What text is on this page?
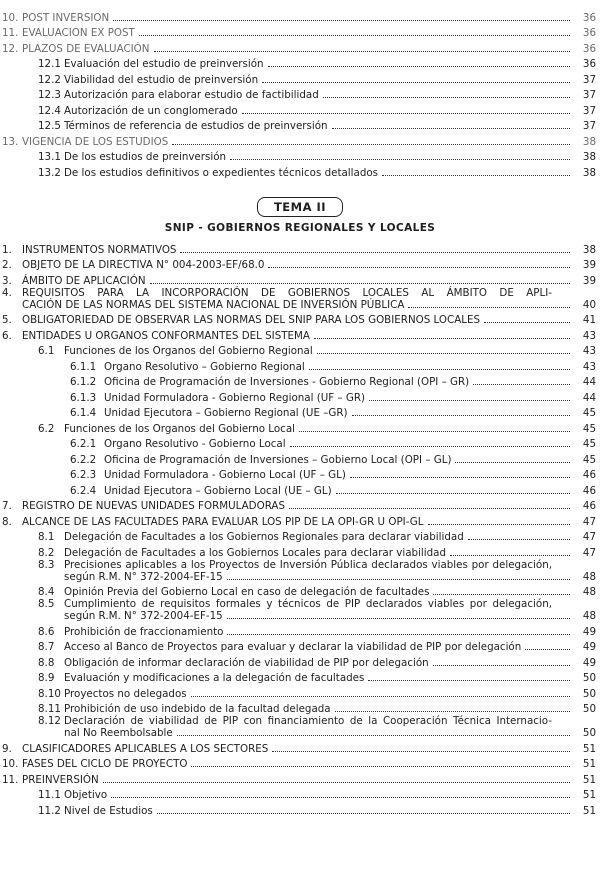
10. POST INVERSION	36
11. EVALUACION EX POST	36
12. PLAZOS DE EVALUACIÓN	36
12.1 Evaluación del estudio de preinversión	36
12.2 Viabilidad del estudio de preinversión	37
12.3 Autorización para elaborar estudio de factibilidad	37
12.4 Autorización de un conglomerado	37
12.5 Términos de referencia de estudios de preinversión	37
13. VIGENCIA DE LOS ESTUDIOS	38
13.1 De los estudios de preinversión	38
13.2 De los estudios definitivos o expedientes técnicos detallados	38
TEMA II
SNIP - GOBIERNOS REGIONALES Y LOCALES
1. INSTRUMENTOS NORMATIVOS	38
2. OBJETO DE LA DIRECTIVA N° 004-2003-EF/68.0	39
3. ÁMBITO DE APLICACIÓN	39
4. REQUISITOS PARA LA INCORPORACIÓN DE GOBIERNOS LOCALES AL ÁMBITO DE APLI-
CACIÓN DE LAS NORMAS DEL SISTEMA NACIONAL DE INVERSIÓN PÚBLICA	40
5. OBLIGATORIEDAD DE OBSERVAR LAS NORMAS DEL SNIP PARA LOS GOBIERNOS LOCALES	41
6. ENTIDADES U ORGANOS CONFORMANTES DEL SISTEMA	43
6.1 Funciones de los Organos del Gobierno Regional	43
6.1.1 Organo Resolutivo – Gobierno Regional	43
6.1.2 Oficina de Programación de Inversiones - Gobierno Regional (OPI – GR)	44
6.1.3 Unidad Formuladora - Gobierno Regional (UF – GR)	44
6.1.4 Unidad Ejecutora – Gobierno Regional (UE –GR)	45
6.2 Funciones de los Organos del Gobierno Local	45
6.2.1 Organo Resolutivo - Gobierno Local	45
6.2.2 Oficina de Programación de Inversiones – Gobierno Local (OPI – GL)	45
6.2.3 Unidad Formuladora - Gobierno Local (UF – GL)	46
6.2.4 Unidad Ejecutora – Gobierno Local (UE – GL)	46
7. REGISTRO DE NUEVAS UNIDADES FORMULADORAS	46
8. ALCANCE DE LAS FACULTADES PARA EVALUAR LOS PIP DE LA OPI-GR U OPI-GL	47
8.1 Delegación de Facultades a los Gobiernos Regionales para declarar viabilidad	47
8.2 Delegación de Facultades a los Gobiernos Locales para declarar viabilidad	47
8.3 Precisiones aplicables a los Proyectos de Inversión Pública declarados viables por delegación,
según R.M. N° 372-2004-EF-15	48
8.4 Opinión Previa del Gobierno Local en caso de delegación de facultades	48
8.5 Cumplimiento de requisitos formales y técnicos de PIP declarados viables por delegación,
según R.M. N° 372-2004-EF-15	48
8.6 Prohibición de fraccionamiento	49
8.7 Acceso al Banco de Proyectos para evaluar y declarar la viabilidad de PIP por delegación	49
8.8 Obligación de informar declaración de viabilidad de PIP por delegación	49
8.9 Evaluación y modificaciones a la delegación de facultades	50
8.10 Proyectos no delegados	50
8.11 Prohibición de uso indebido de la facultad delegada	50
8.12 Declaración de viabilidad de PIP con financiamiento de la Cooperación Técnica Internacio-
nal No Reembolsable	50
9. CLASIFICADORES APLICABLES A LOS SECTORES	51
10. FASES DEL CICLO DE PROYECTO	51
11. PREINVERSIÓN	51
11.1 Objetivo	51
11.2 Nivel de Estudios	51
